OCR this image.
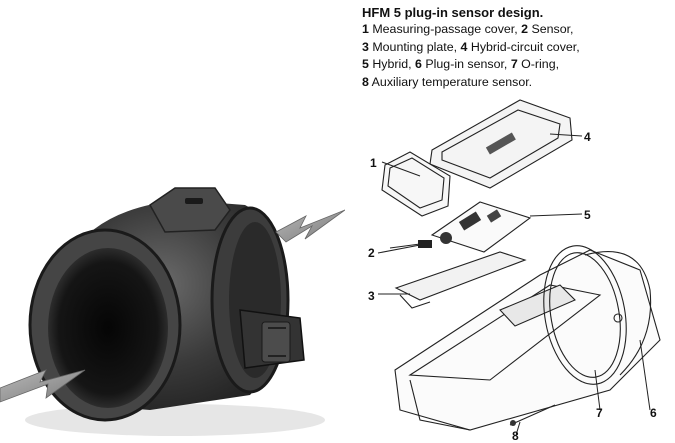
HFM 5 plug-in sensor design.
1 Measuring-passage cover, 2 Sensor,
3 Mounting plate, 4 Hybrid-circuit cover,
5 Hybrid, 6 Plug-in sensor, 7 O-ring,
8 Auxiliary temperature sensor.
1
4
5
2
3
6
7
8
